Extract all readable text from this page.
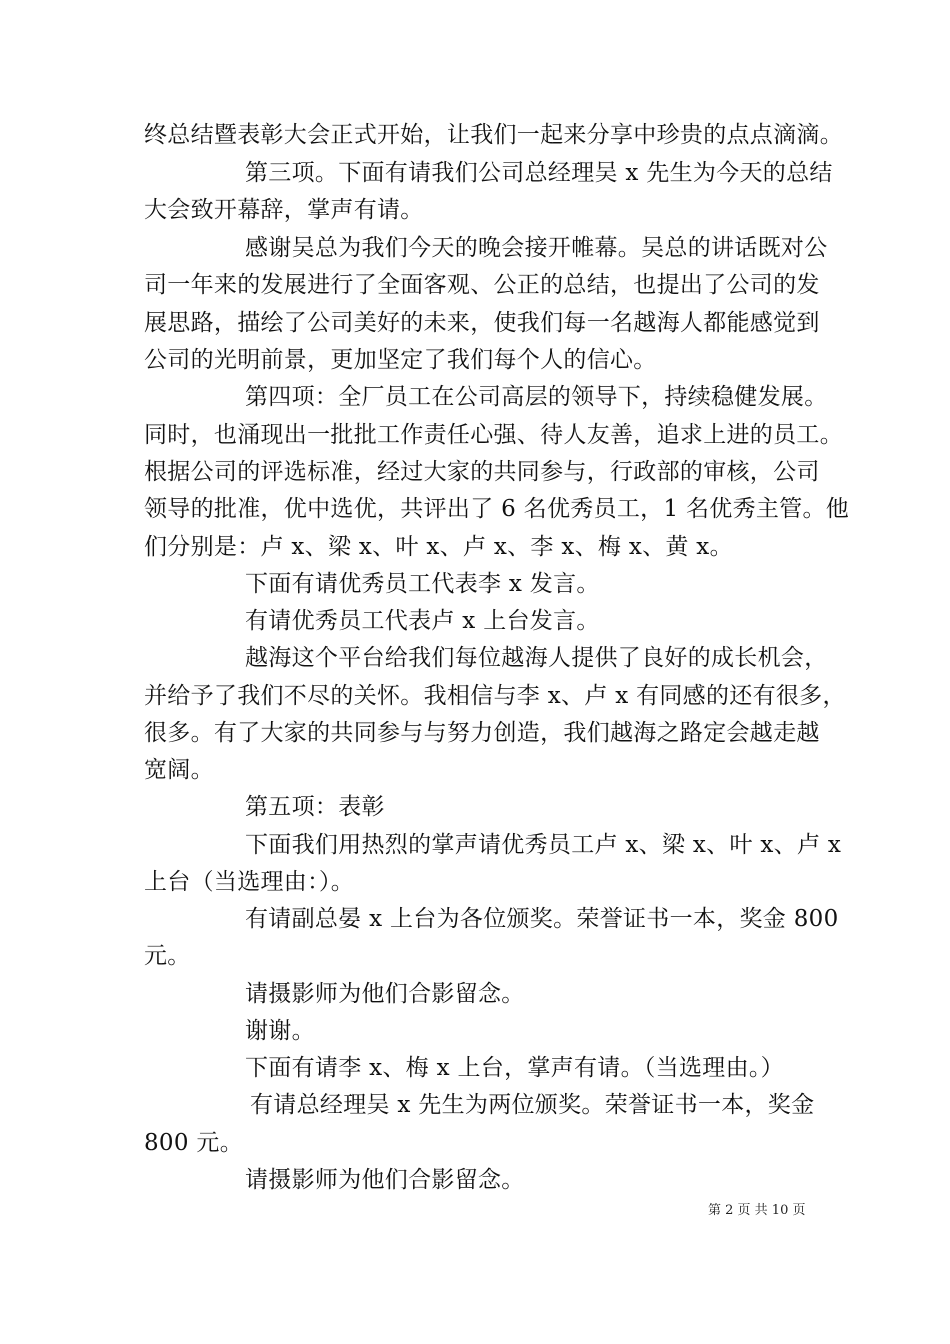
终总结暨表彰大会正式开始，让我们一起来分享中珍贵的点点滴滴。
第三项。下面有请我们公司总经理吴 x 先生为今天的总结
大会致开幕辞，掌声有请。
感谢吴总为我们今天的晚会接开帷幕。吴总的讲话既对公
司一年来的发展进行了全面客观、公正的总结，也提出了公司的发
展思路，描绘了公司美好的未来，使我们每一名越海人都能感觉到
公司的光明前景，更加坚定了我们每个人的信心。
第四项：全厂员工在公司高层的领导下，持续稳健发展。
同时，也涌现出一批批工作责任心强、待人友善，追求上进的员工。
根据公司的评选标准，经过大家的共同参与，行政部的审核，公司
领导的批准，优中选优，共评出了 6 名优秀员工，1 名优秀主管。他
们分别是：卢 x、梁 x、叶 x、卢 x、李 x、梅 x、黄 x。
下面有请优秀员工代表李 x 发言。
有请优秀员工代表卢 x 上台发言。
越海这个平台给我们每位越海人提供了良好的成长机会，
并给予了我们不尽的关怀。我相信与李 x、卢 x 有同感的还有很多，
很多。有了大家的共同参与与努力创造，我们越海之路定会越走越
宽阔。
第五项：表彰
下面我们用热烈的掌声请优秀员工卢 x、梁 x、叶 x、卢 x
上台（当选理由：）。
有请副总晏 x 上台为各位颁奖。荣誉证书一本，奖金 800
元。
请摄影师为他们合影留念。
谢谢。
下面有请李 x、梅 x 上台，掌声有请。（当选理由。）
有请总经理吴 x 先生为两位颁奖。荣誉证书一本，奖金
800 元。
请摄影师为他们合影留念。
第 2 页 共 10 页
